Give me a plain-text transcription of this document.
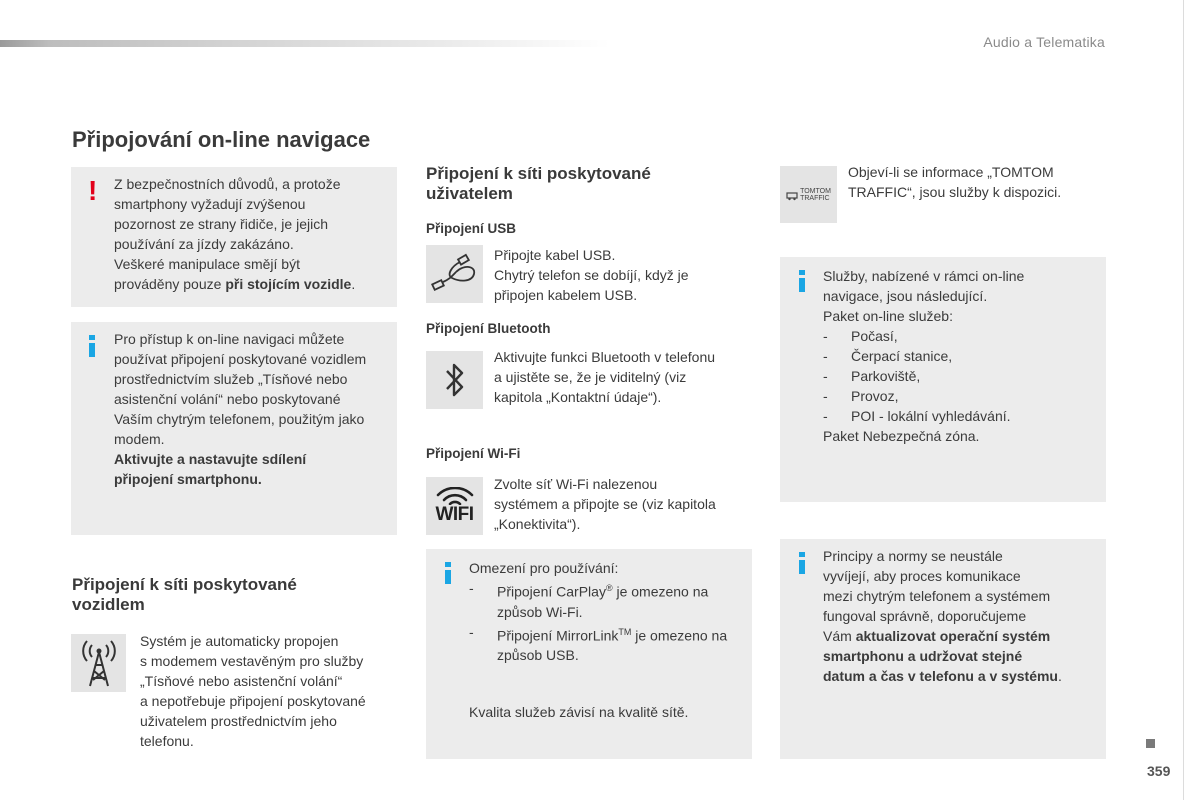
Audio a Telematika
Připojování on-line navigace
! Z bezpečnostních důvodů, a protože
smartphony vyžadují zvýšenou
pozornost ze strany řidiče, je jejich
používání za jízdy zakázáno.
Veškeré manipulace smějí být
prováděny pouze při stojícím vozidle.
Pro přístup k on-line navigaci můžete
používat připojení poskytované vozidlem
prostřednictvím služeb „Tísňové nebo
asistenční volání“ nebo poskytované
Vaším chytrým telefonem, použitým jako
modem.
Aktivujte a nastavujte sdílení
připojení smartphonu.
Připojení k síti poskytované
vozidlem
Systém je automaticky propojen
s modemem vestavěným pro služby
„Tísňové nebo asistenční volání“
a nepotřebuje připojení poskytované
uživatelem prostřednictvím jeho
telefonu.
Připojení k síti poskytované
uživatelem
Připojení USB
Připojte kabel USB.
Chytrý telefon se dobíjí, když je
připojen kabelem USB.
Připojení Bluetooth
Aktivujte funkci Bluetooth v telefonu
a ujistěte se, že je viditelný (viz
kapitola „Kontaktní údaje“).
Připojení Wi-Fi
WIFI
Zvolte síť Wi-Fi nalezenou
systémem a připojte se (viz kapitola
„Konektivita“).
Omezení pro používání:
- Připojení CarPlay® je omezeno na
způsob Wi-Fi.
- Připojení MirrorLink™ je omezeno na
způsob USB.
Kvalita služeb závisí na kvalitě sítě.
TOMTOM
TRAFFIC
Objeví-li se informace „TOMTOM
TRAFFIC“, jsou služby k dispozici.
Služby, nabízené v rámci on-line
navigace, jsou následující.
Paket on-line služeb:
- Počasí,
- Čerpací stanice,
- Parkoviště,
- Provoz,
- POI - lokální vyhledávání.
Paket Nebezpečná zóna.
Principy a normy se neustále
vyvíjejí, aby proces komunikace
mezi chytrým telefonem a systémem
fungoval správně, doporučujeme
Vám aktualizovat operační systém
smartphonu a udržovat stejné
datum a čas v telefonu a v systému.
359
